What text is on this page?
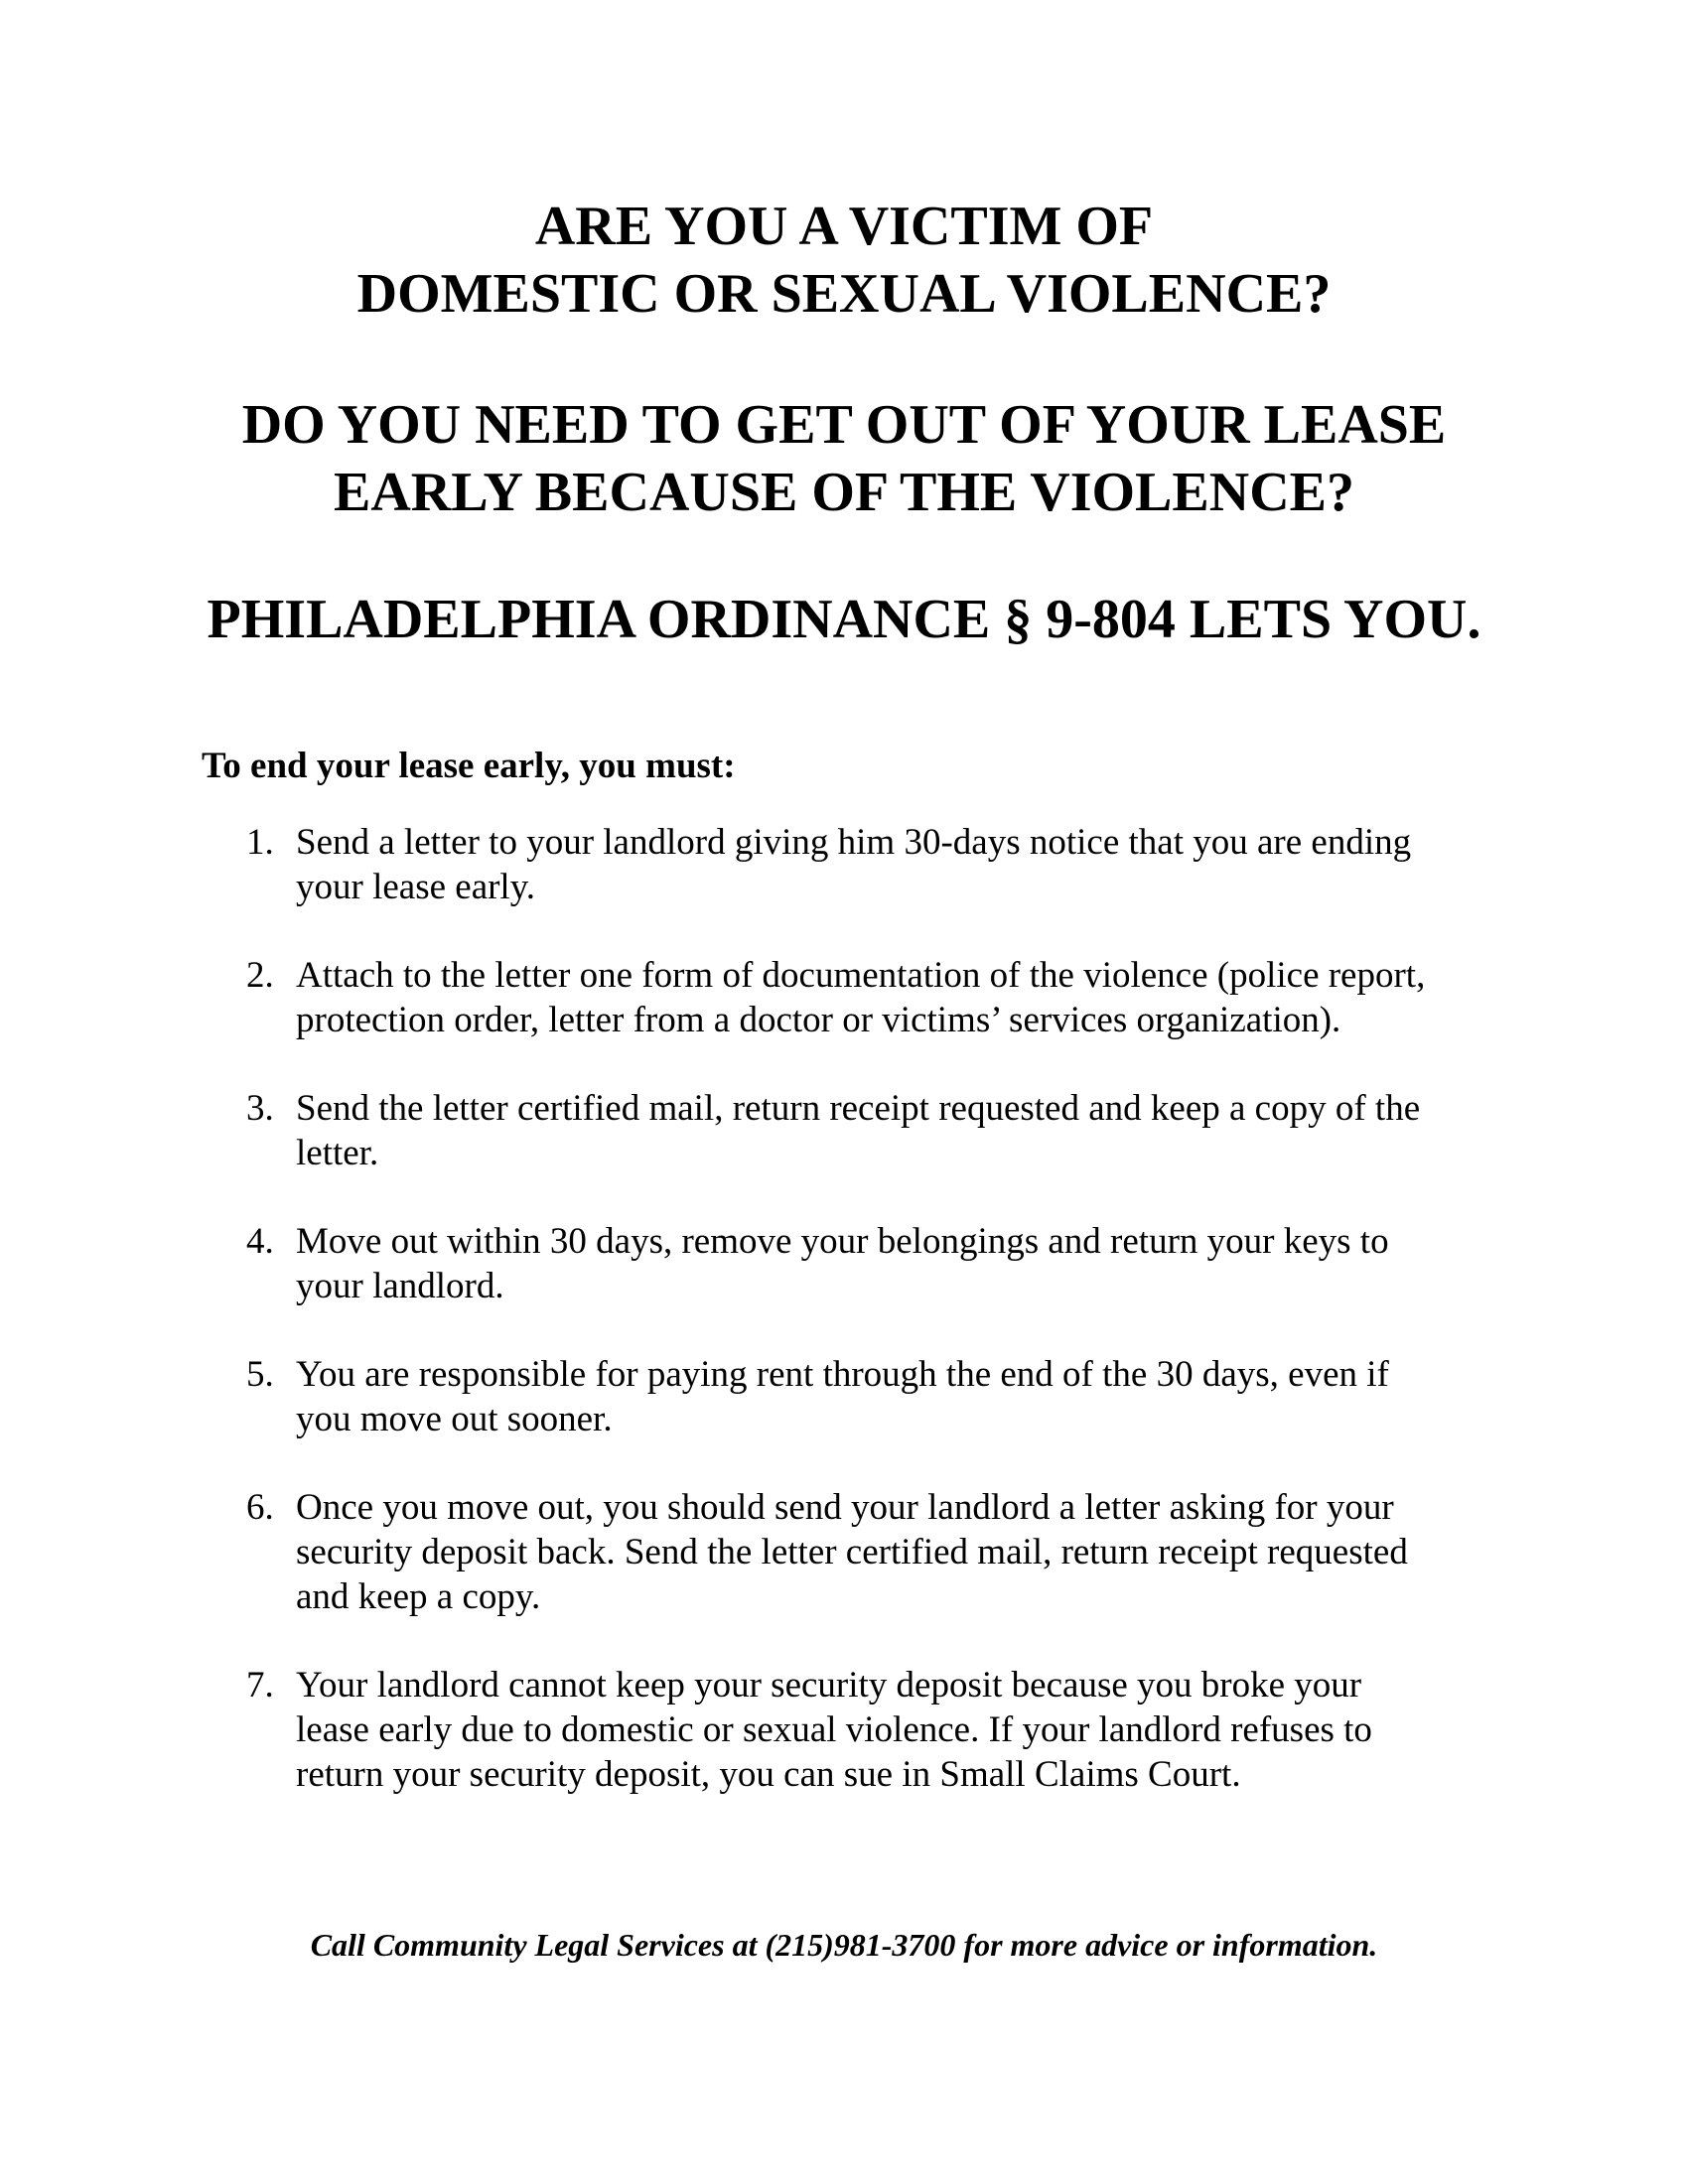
ARE YOU A VICTIM OF
DOMESTIC OR SEXUAL VIOLENCE?
DO YOU NEED TO GET OUT OF YOUR LEASE
EARLY BECAUSE OF THE VIOLENCE?
PHILADELPHIA ORDINANCE § 9-804 LETS YOU.

To end your lease early, you must:

1. Send a letter to your landlord giving him 30-days notice that you are ending
your lease early.
2. Attach to the letter one form of documentation of the violence (police report,
protection order, letter from a doctor or victims’ services organization).
3. Send the letter certified mail, return receipt requested and keep a copy of the
letter.
4. Move out within 30 days, remove your belongings and return your keys to
your landlord.
5. You are responsible for paying rent through the end of the 30 days, even if
you move out sooner.
6. Once you move out, you should send your landlord a letter asking for your
security deposit back. Send the letter certified mail, return receipt requested
and keep a copy.
7. Your landlord cannot keep your security deposit because you broke your
lease early due to domestic or sexual violence. If your landlord refuses to
return your security deposit, you can sue in Small Claims Court.

Call Community Legal Services at (215)981-3700 for more advice or information.
